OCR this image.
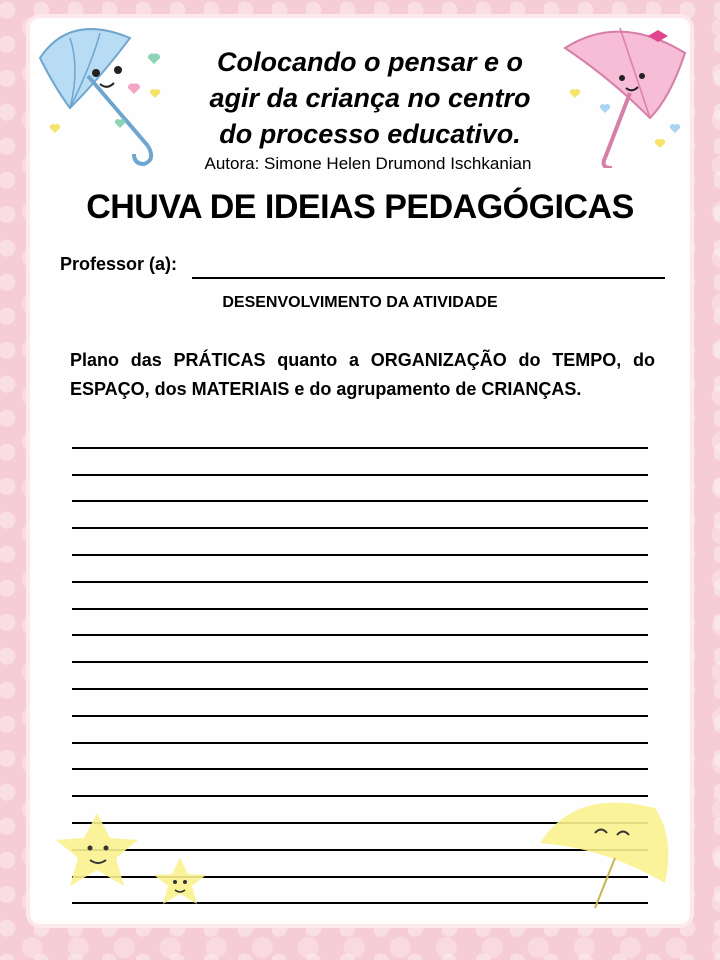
Colocando o pensar e o
agir da criança no centro
do processo educativo.
Autora: Simone Helen Drumond Ischkanian
CHUVA DE IDEIAS PEDAGÓGICAS
Professor (a):
DESENVOLVIMENTO DA ATIVIDADE
Plano das PRÁTICAS quanto a ORGANIZAÇÃO do TEMPO, do ESPAÇO, dos MATERIAIS e do agrupamento de CRIANÇAS.
